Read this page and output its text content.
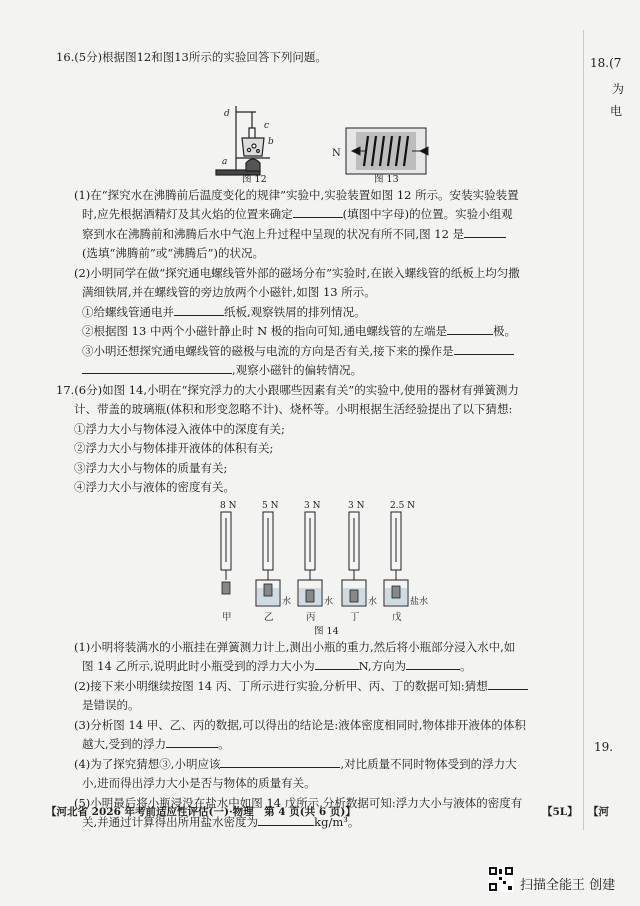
16.(5分)根据图12和图13所示的实验回答下列问题。
d
c
b
a
N
图 12	图 13
(1)在“探究水在沸腾前后温度变化的规律”实验中,实验装置如图 12 所示。安装实验装置
时,应先根据酒精灯及其火焰的位置来确定	(填图中字母)的位置。实验小组观
察到水在沸腾前和沸腾后水中气泡上升过程中呈现的状况有所不同,图 12 是
(选填“沸腾前”或“沸腾后”)的状况。
(2)小明同学在做“探究通电螺线管外部的磁场分布”实验时,在嵌入螺线管的纸板上均匀撒
满细铁屑,并在螺线管的旁边放两个小磁针,如图 13 所示。
①给螺线管通电并	纸板,观察铁屑的排列情况。
②根据图 13 中两个小磁针静止时 N 极的指向可知,通电螺线管的左端是	极。
③小明还想探究通电螺线管的磁极与电流的方向是否有关,接下来的操作是
,观察小磁针的偏转情况。
17.(6分)如图 14,小明在“探究浮力的大小跟哪些因素有关”的实验中,使用的器材有弹簧测力
计、带盖的玻璃瓶(体积和形变忽略不计)、烧杯等。小明根据生活经验提出了以下猜想:
①浮力大小与物体浸入液体中的深度有关;
②浮力大小与物体排开液体的体积有关;
③浮力大小与物体的质量有关;
④浮力大小与液体的密度有关。
8 N
甲
5 N
水
乙
3 N
水
丙
3 N
水
丁
2.5 N
盐水
戊
图 14
(1)小明将装满水的小瓶挂在弹簧测力计上,测出小瓶的重力,然后将小瓶部分浸入水中,如
图 14 乙所示,说明此时小瓶受到的浮力大小为	N,方向为	。
(2)接下来小明继续按图 14 丙、丁所示进行实验,分析甲、丙、丁的数据可知:猜想
是错误的。
(3)分析图 14 甲、乙、丙的数据,可以得出的结论是:液体密度相同时,物体排开液体的体积
越大,受到的浮力	。
(4)为了探究猜想③,小明应该	,对比质量不同时物体受到的浮力大
小,进而得出浮力大小是否与物体的质量有关。
(5)小明最后将小瓶浸没在盐水中如图 14 戊所示,分析数据可知:浮力大小与液体的密度有
关,并通过计算得出所用盐水密度为	kg/m³。
18.(7
为
电
19.
【河北省 2026 年考前适应性评估(一)·物理　第 4 页(共 6 页)】	【5L】 【河
扫描全能王 创建
